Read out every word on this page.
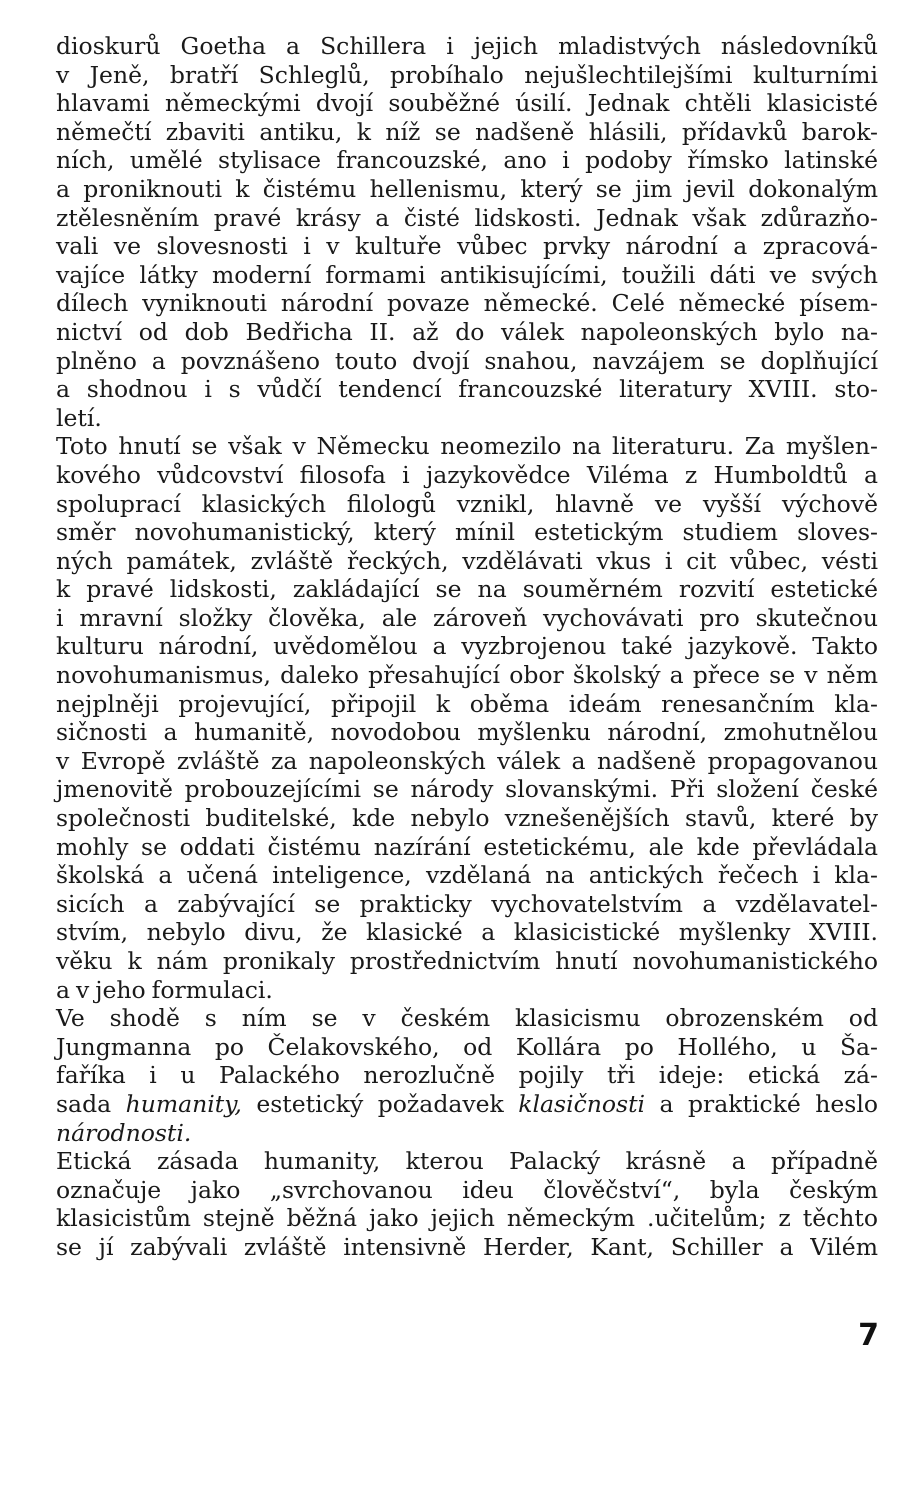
dioskurů Goetha a Schillera i jejich mladistvých následovníků
v Jeně, bratří Schleglů, probíhalo nejušlechtilejšími kulturními
hlavami německými dvojí souběžné úsilí. Jednak chtěli klasicisté
němečtí zbaviti antiku, k níž se nadšeně hlásili, přídavků barok-
ních, umělé stylisace francouzské, ano i podoby římsko latinské
a proniknouti k čistému hellenismu, který se jim jevil dokonalým
ztělesněním pravé krásy a čisté lidskosti. Jednak však zdůrazňo-
vali ve slovesnosti i v kultuře vůbec prvky národní a zpracová-
vajíce látky moderní formami antikisujícími, toužili dáti ve svých
dílech vyniknouti národní povaze německé. Celé německé písem-
nictví od dob Bedřicha II. až do válek napoleonských bylo na-
plněno a povznášeno touto dvojí snahou, navzájem se doplňující
a shodnou i s vůdčí tendencí francouzské literatury XVIII. sto-
letí.
Toto hnutí se však v Německu neomezilo na literaturu. Za myšlen-
kového vůdcovství filosofa i jazykovědce Viléma z Humboldtů a
spoluprací klasických filologů vznikl, hlavně ve vyšší výchově
směr novohumanistický, který mínil estetickým studiem sloves-
ných památek, zvláště řeckých, vzdělávati vkus i cit vůbec, vésti
k pravé lidskosti, zakládající se na souměrném rozvití estetické
i mravní složky člověka, ale zároveň vychovávati pro skutečnou
kulturu národní, uvědomělou a vyzbrojenou také jazykově. Takto
novohumanismus, daleko přesahující obor školský a přece se v něm
nejplněji projevující, připojil k oběma ideám renesančním kla-
sičnosti a humanitě, novodobou myšlenku národní, zmohutnělou
v Evropě zvláště za napoleonských válek a nadšeně propagovanou
jmenovitě probouzejícími se národy slovanskými. Při složení české
společnosti buditelské, kde nebylo vznešenějších stavů, které by
mohly se oddati čistému nazírání estetickému, ale kde převládala
školská a učená inteligence, vzdělaná na antických řečech i kla-
sicích a zabývající se prakticky vychovatelstvím a vzdělavatel-
stvím, nebylo divu, že klasické a klasicistické myšlenky XVIII.
věku k nám pronikaly prostřednictvím hnutí novohumanistického
a v jeho formulaci.
Ve shodě s ním se v českém klasicismu obrozenském od
Jungmanna po Čelakovského, od Kollára po Hollého, u Ša-
faříka i u Palackého nerozlučně pojily tři ideje: etická zá-
sada humanity, estetický požadavek klasičnosti a praktické heslo
národnosti.
Etická zásada humanity, kterou Palacký krásně a případně
označuje jako „svrchovanou ideu člověčství“, byla českým
klasicistům stejně běžná jako jejich německým .učitelům; z těchto
se jí zabývali zvláště intensivně Herder, Kant, Schiller a Vilém
7
